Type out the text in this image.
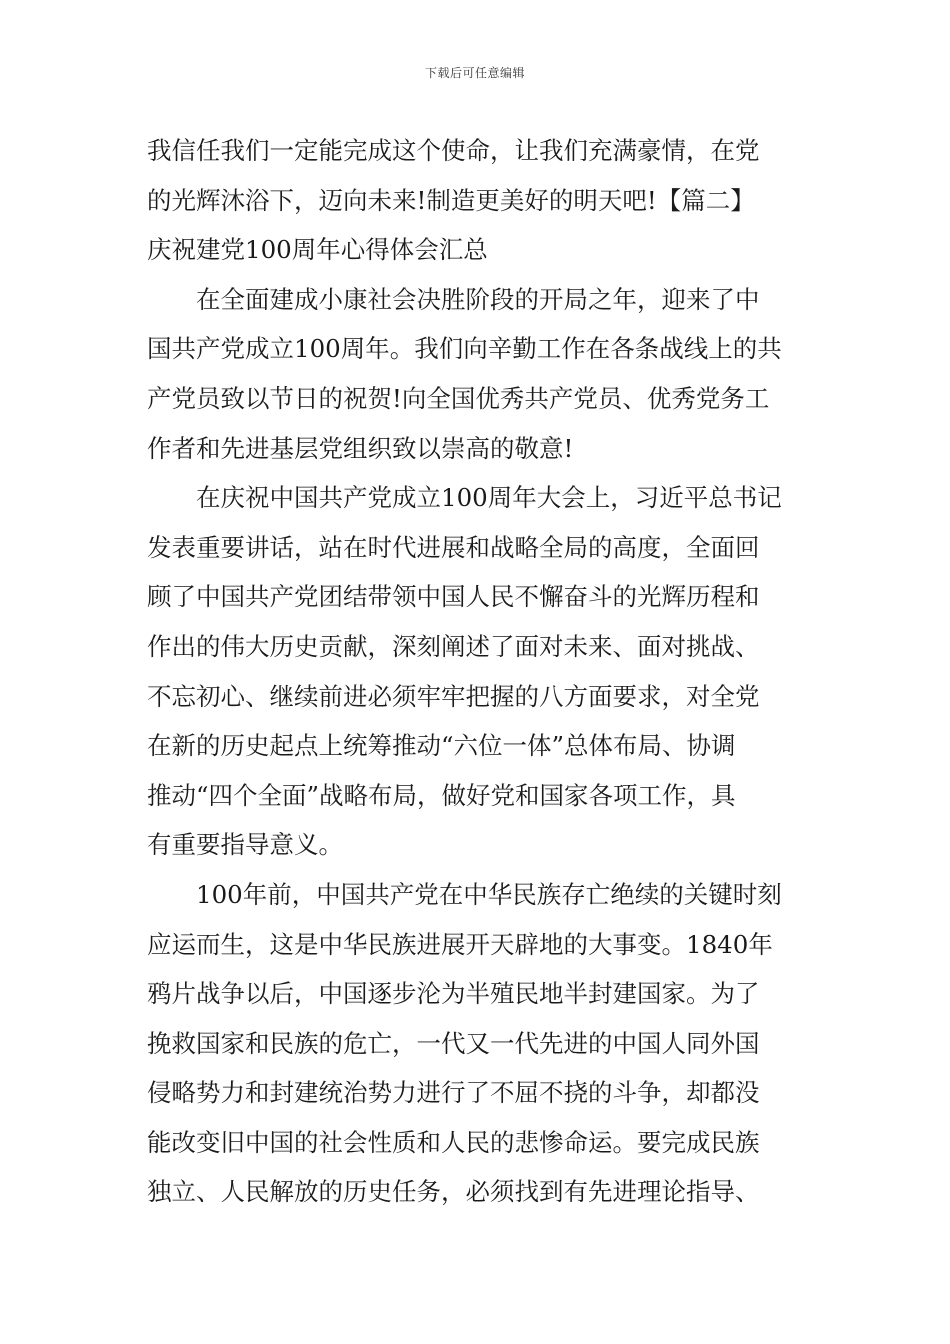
下载后可任意编辑
我信任我们一定能完成这个使命，让我们充满豪情，在党
的光辉沐浴下，迈向未来!制造更美好的明天吧!【篇二】
庆祝建党100周年心得体会汇总
在全面建成小康社会决胜阶段的开局之年，迎来了中
国共产党成立100周年。我们向辛勤工作在各条战线上的共
产党员致以节日的祝贺!向全国优秀共产党员、优秀党务工
作者和先进基层党组织致以崇高的敬意!
在庆祝中国共产党成立100周年大会上，习近平总书记
发表重要讲话，站在时代进展和战略全局的高度，全面回
顾了中国共产党团结带领中国人民不懈奋斗的光辉历程和
作出的伟大历史贡献，深刻阐述了面对未来、面对挑战、
不忘初心、继续前进必须牢牢把握的八方面要求，对全党
在新的历史起点上统筹推动“六位一体”总体布局、协调
推动“四个全面”战略布局，做好党和国家各项工作，具
有重要指导意义。
100年前，中国共产党在中华民族存亡绝续的关键时刻
应运而生，这是中华民族进展开天辟地的大事变。1840年
鸦片战争以后，中国逐步沦为半殖民地半封建国家。为了
挽救国家和民族的危亡，一代又一代先进的中国人同外国
侵略势力和封建统治势力进行了不屈不挠的斗争，却都没
能改变旧中国的社会性质和人民的悲惨命运。要完成民族
独立、人民解放的历史任务，必须找到有先进理论指导、
